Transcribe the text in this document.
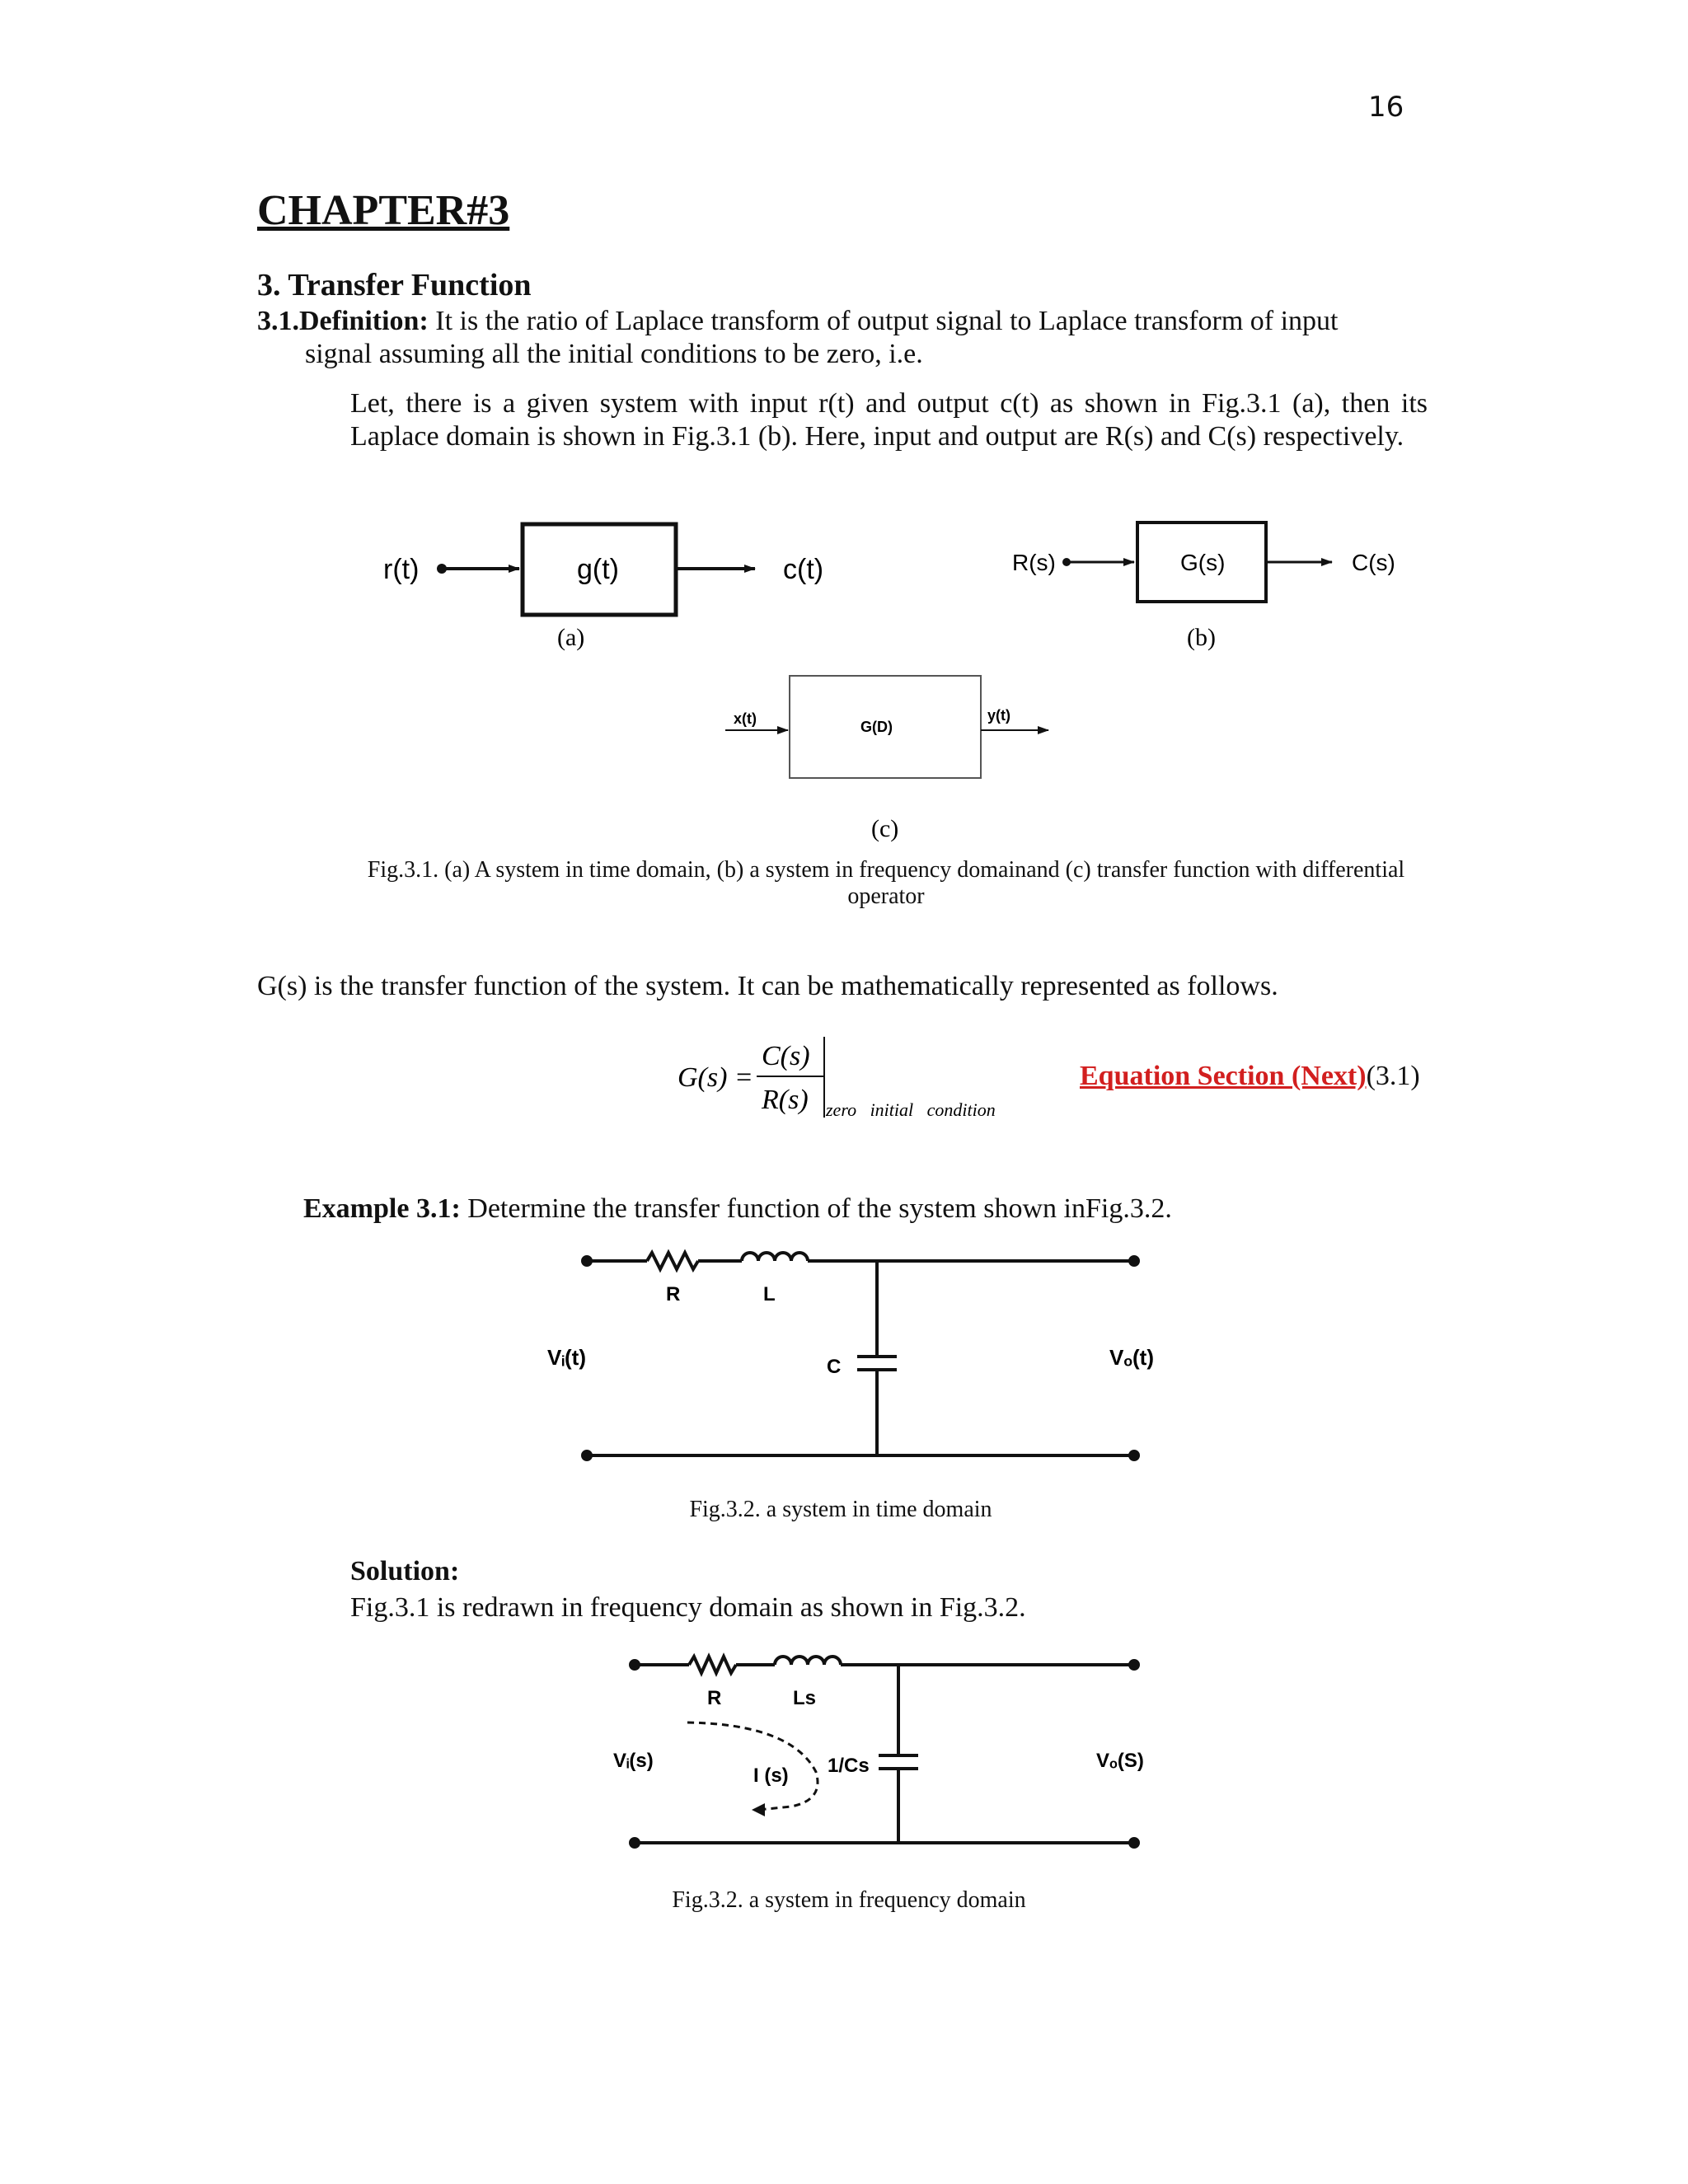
16
CHAPTER#3
3. Transfer Function
3.1.Definition: It is the ratio of Laplace transform of output signal to Laplace transform of input
signal assuming all the initial conditions to be zero, i.e.
Let, there is a given system with input r(t) and output c(t) as shown in Fig.3.1 (a), then its Laplace domain is shown in Fig.3.1 (b). Here, input and output are R(s) and C(s) respectively.
r(t)	g(t)	c(t)
(a)
R(s)	G(s)	C(s)
(b)
x(t)	G(D)
y(t)
(c)
R	L
C
Vᵢ(t)	Vₒ(t)
R	Ls
1/Cs
I (s)
Vᵢ(s)	Vₒ(S)
G(s) =
C(s)
R(s) zero   initial   condition
Fig.3.1. (a) A system in time domain, (b) a system in frequency domainand (c) transfer function with differential
operator
G(s) is the transfer function of the system. It can be mathematically represented as follows.
Equation Section (Next)(3.1)
Example 3.1: Determine the transfer function of the system shown inFig.3.2.
Fig.3.2. a system in time domain
Solution:
Fig.3.1 is redrawn in frequency domain as shown in Fig.3.2.
Fig.3.2. a system in frequency domain
